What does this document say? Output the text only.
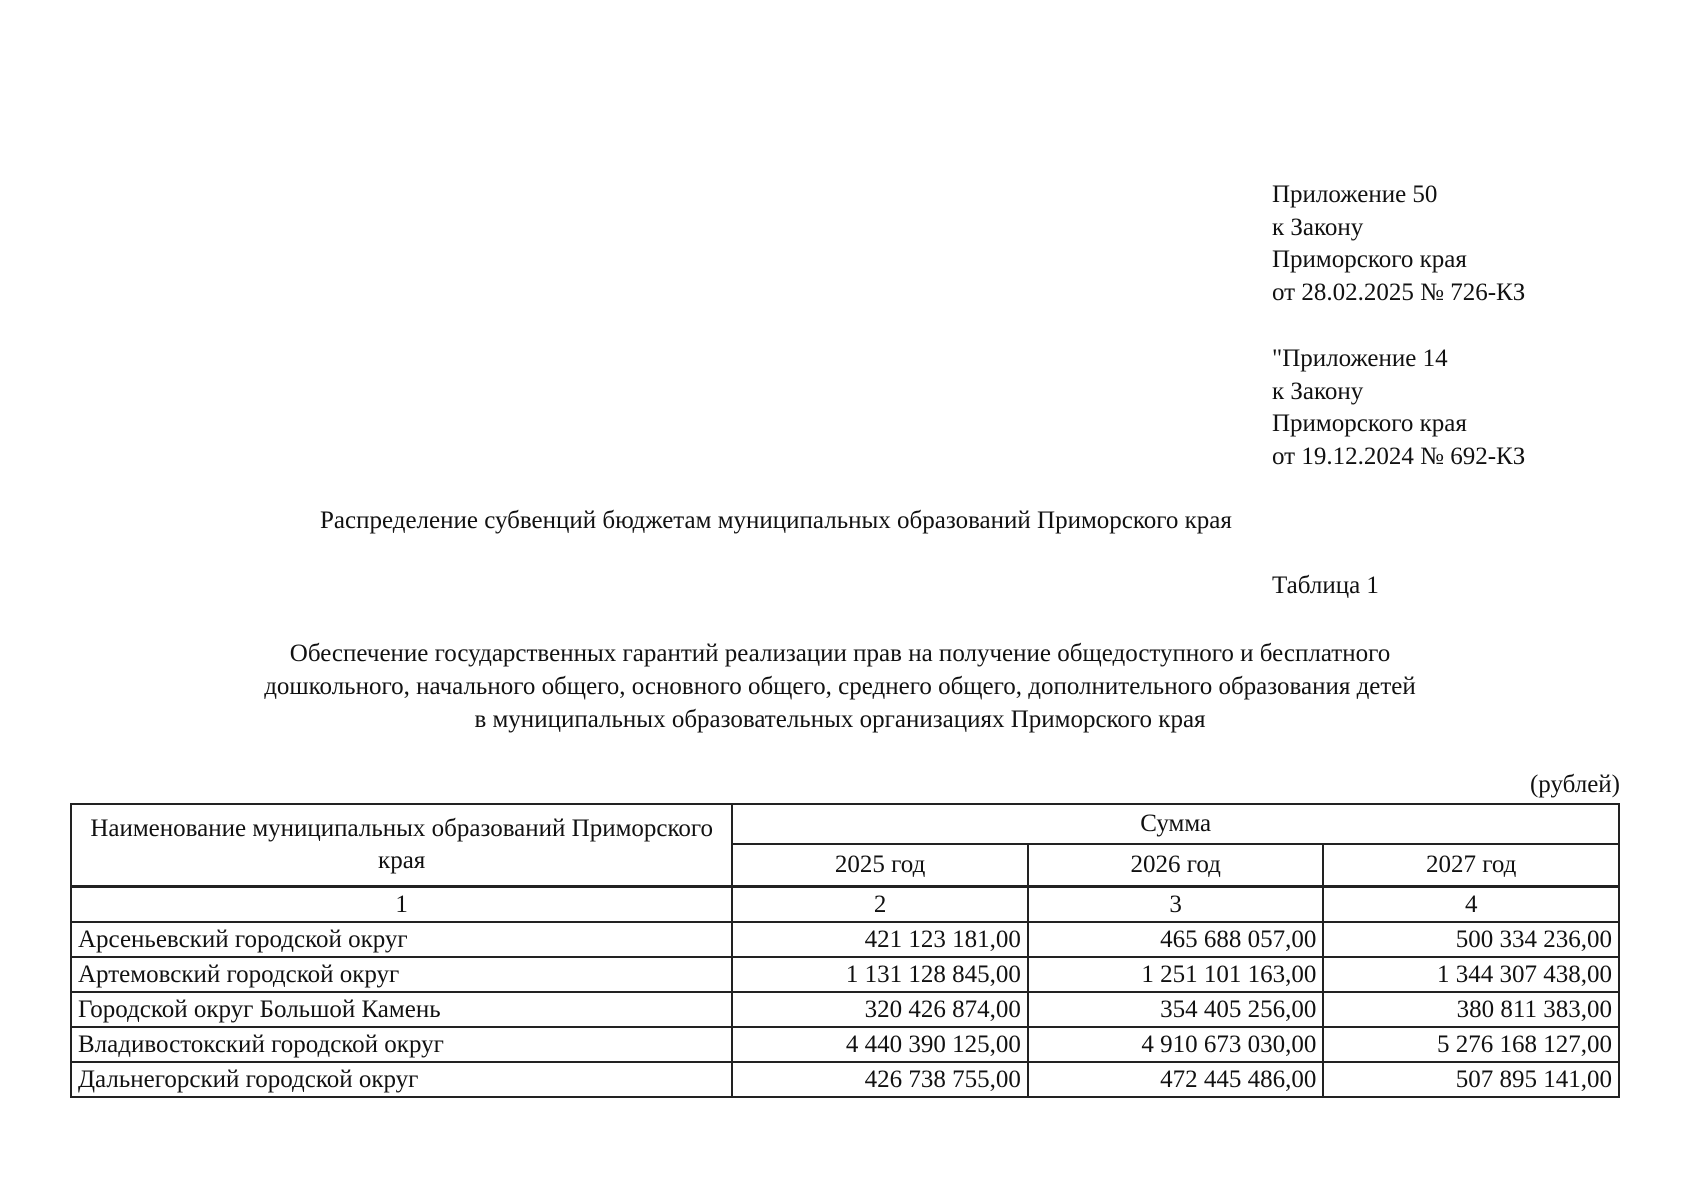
Приложение 50
к Закону
Приморского края
от 28.02.2025 № 726-КЗ
"Приложение 14
к Закону
Приморского края
от 19.12.2024 № 692-КЗ
Распределение субвенций бюджетам муниципальных образований Приморского края
Таблица 1
Обеспечение государственных гарантий реализации прав на получение общедоступного и бесплатного
дошкольного, начального общего, основного общего, среднего общего, дополнительного образования детей
в муниципальных образовательных организациях Приморского края
(рублей)
Наименование муниципальных образований Приморского края	Сумма		
	2025 год	2026 год	2027 год
1	2	3	4
Арсеньевский городской округ	421 123 181,00	465 688 057,00	500 334 236,00
Артемовский городской округ	1 131 128 845,00	1 251 101 163,00	1 344 307 438,00
Городской округ Большой Камень	320 426 874,00	354 405 256,00	380 811 383,00
Владивостокский городской округ	4 440 390 125,00	4 910 673 030,00	5 276 168 127,00
Дальнегорский городской округ	426 738 755,00	472 445 486,00	507 895 141,00
